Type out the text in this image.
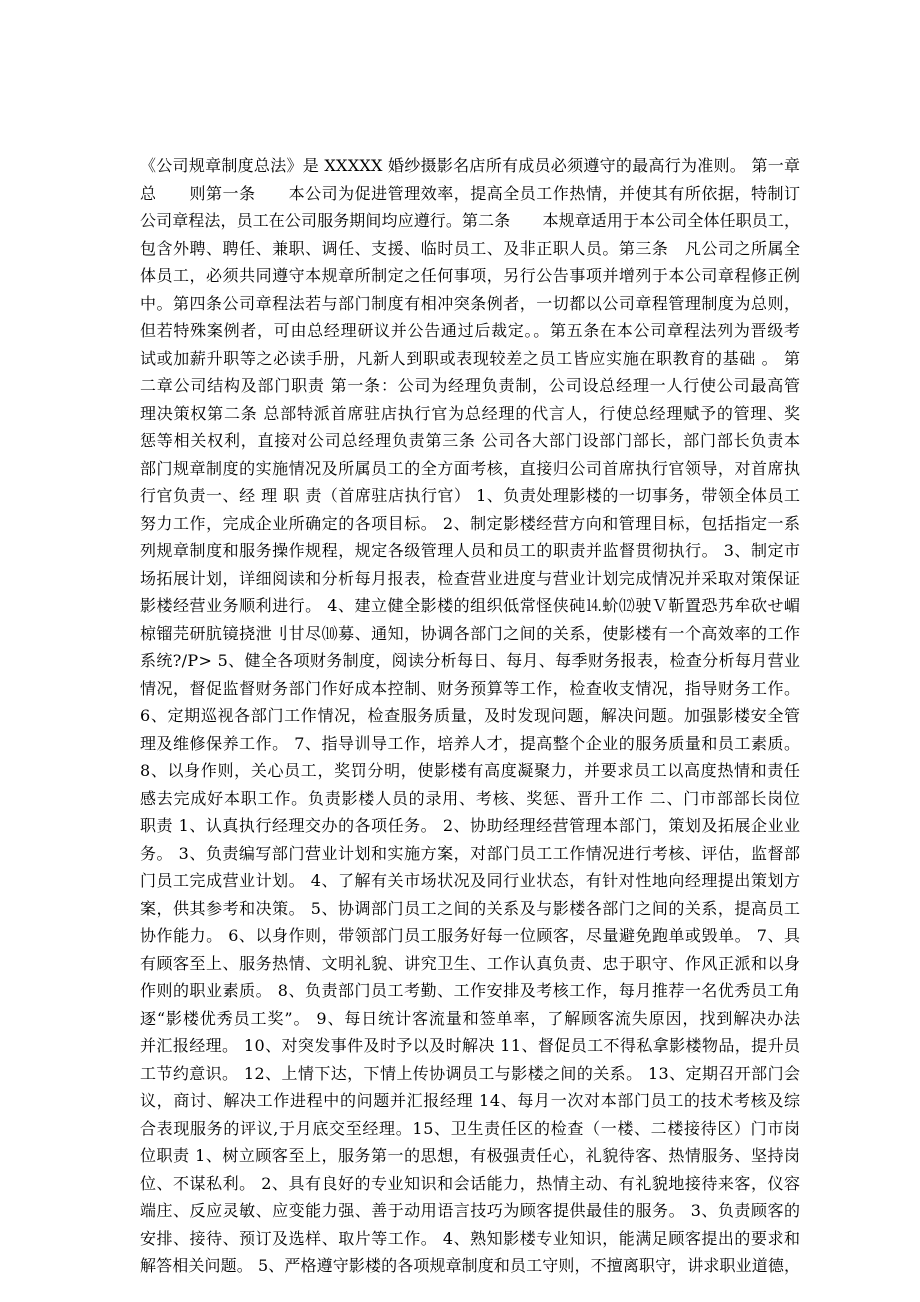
《公司规章制度总法》是 XXXXX 婚纱摄影名店所有成员必须遵守的最高行为准则。 第一章
总　　则第一条　　本公司为促进管理效率，提高全员工作热情，并使其有所依据，特制订
公司章程法，员工在公司服务期间均应遵行。第二条　　本规章适用于本公司全体任职员工，
包含外聘、聘任、兼职、调任、支援、临时员工、及非正职人员。第三条　凡公司之所属全
体员工，必须共同遵守本规章所制定之任何事项，另行公告事项并增列于本公司章程修正例
中。第四条公司章程法若与部门制度有相冲突条例者，一切都以公司章程管理制度为总则，
但若特殊案例者，可由总经理研议并公告通过后裁定。。第五条在本公司章程法列为晋级考
试或加薪升职等之必读手册，凡新人到职或表现较差之员工皆应实施在职教育的基础 。 第
二章公司结构及部门职责 第一条：公司为经理负责制，公司设总经理一人行使公司最高管
理决策权第二条 总部特派首席驻店执行官为总经理的代言人，行使总经理赋予的管理、奖
惩等相关权利，直接对公司总经理负责第三条 公司各大部门设部门部长，部门部长负责本
部门规章制度的实施情况及所属员工的全方面考核，直接归公司首席执行官领导，对首席执
行官负责一、经 理 职 责（首席驻店执行官） 1、负责处理影楼的一切事务，带领全体员工
努力工作，完成企业所确定的各项目标。 2、制定影楼经营方向和管理目标，包括指定一系
列规章制度和服务操作规程，规定各级管理人员和员工的职责并监督贯彻执行。 3、制定市
场拓展计划，详细阅读和分析每月报表，检查营业进度与营业计划完成情况并采取对策保证
影楼经营业务顺利进行。 4、建立健全影楼的组织低常怪侠砘⒕蚧⑿驶Ｖ靳置恐艿牟砍せ嵋
椋镏芫研肮镜挠泄刂甘尽⑽募、通知，协调各部门之间的关系，使影楼有一个高效率的工作
系统?/P> 5、健全各项财务制度，阅读分析每日、每月、每季财务报表，检查分析每月营业
情况，督促监督财务部门作好成本控制、财务预算等工作，检查收支情况，指导财务工作。
6、定期巡视各部门工作情况，检查服务质量，及时发现问题，解决问题。加强影楼安全管
理及维修保养工作。 7、指导训导工作，培养人才，提高整个企业的服务质量和员工素质。
8、以身作则，关心员工，奖罚分明，使影楼有高度凝聚力，并要求员工以高度热情和责任
感去完成好本职工作。负责影楼人员的录用、考核、奖惩、晋升工作 二、门市部部长岗位
职责 1、认真执行经理交办的各项任务。 2、协助经理经营管理本部门，策划及拓展企业业
务。 3、负责编写部门营业计划和实施方案，对部门员工工作情况进行考核、评估，监督部
门员工完成营业计划。 4、了解有关市场状况及同行业状态，有针对性地向经理提出策划方
案，供其参考和决策。 5、协调部门员工之间的关系及与影楼各部门之间的关系，提高员工
协作能力。 6、以身作则，带领部门员工服务好每一位顾客，尽量避免跑单或毁单。 7、具
有顾客至上、服务热情、文明礼貌、讲究卫生、工作认真负责、忠于职守、作风正派和以身
作则的职业素质。 8、负责部门员工考勤、工作安排及考核工作，每月推荐一名优秀员工角
逐“影楼优秀员工奖”。 9、每日统计客流量和签单率，了解顾客流失原因，找到解决办法
并汇报经理。 10、对突发事件及时予以及时解决 11、督促员工不得私拿影楼物品，提升员
工节约意识。 12、上情下达，下情上传协调员工与影楼之间的关系。 13、定期召开部门会
议，商讨、解决工作进程中的问题并汇报经理 14、每月一次对本部门员工的技术考核及综
合表现服务的评议,于月底交至经理。15、卫生责任区的检查（一楼、二楼接待区）门市岗
位职责 1、树立顾客至上，服务第一的思想，有极强责任心，礼貌待客、热情服务、坚持岗
位、不谋私利。 2、具有良好的专业知识和会话能力，热情主动、有礼貌地接待来客，仪容
端庄、反应灵敏、应变能力强、善于动用语言技巧为顾客提供最佳的服务。 3、负责顾客的
安排、接待、预订及选样、取片等工作。 4、熟知影楼专业知识，能满足顾客提出的要求和
解答相关问题。 5、严格遵守影楼的各项规章制度和员工守则，不擅离职守，讲求职业道德，
